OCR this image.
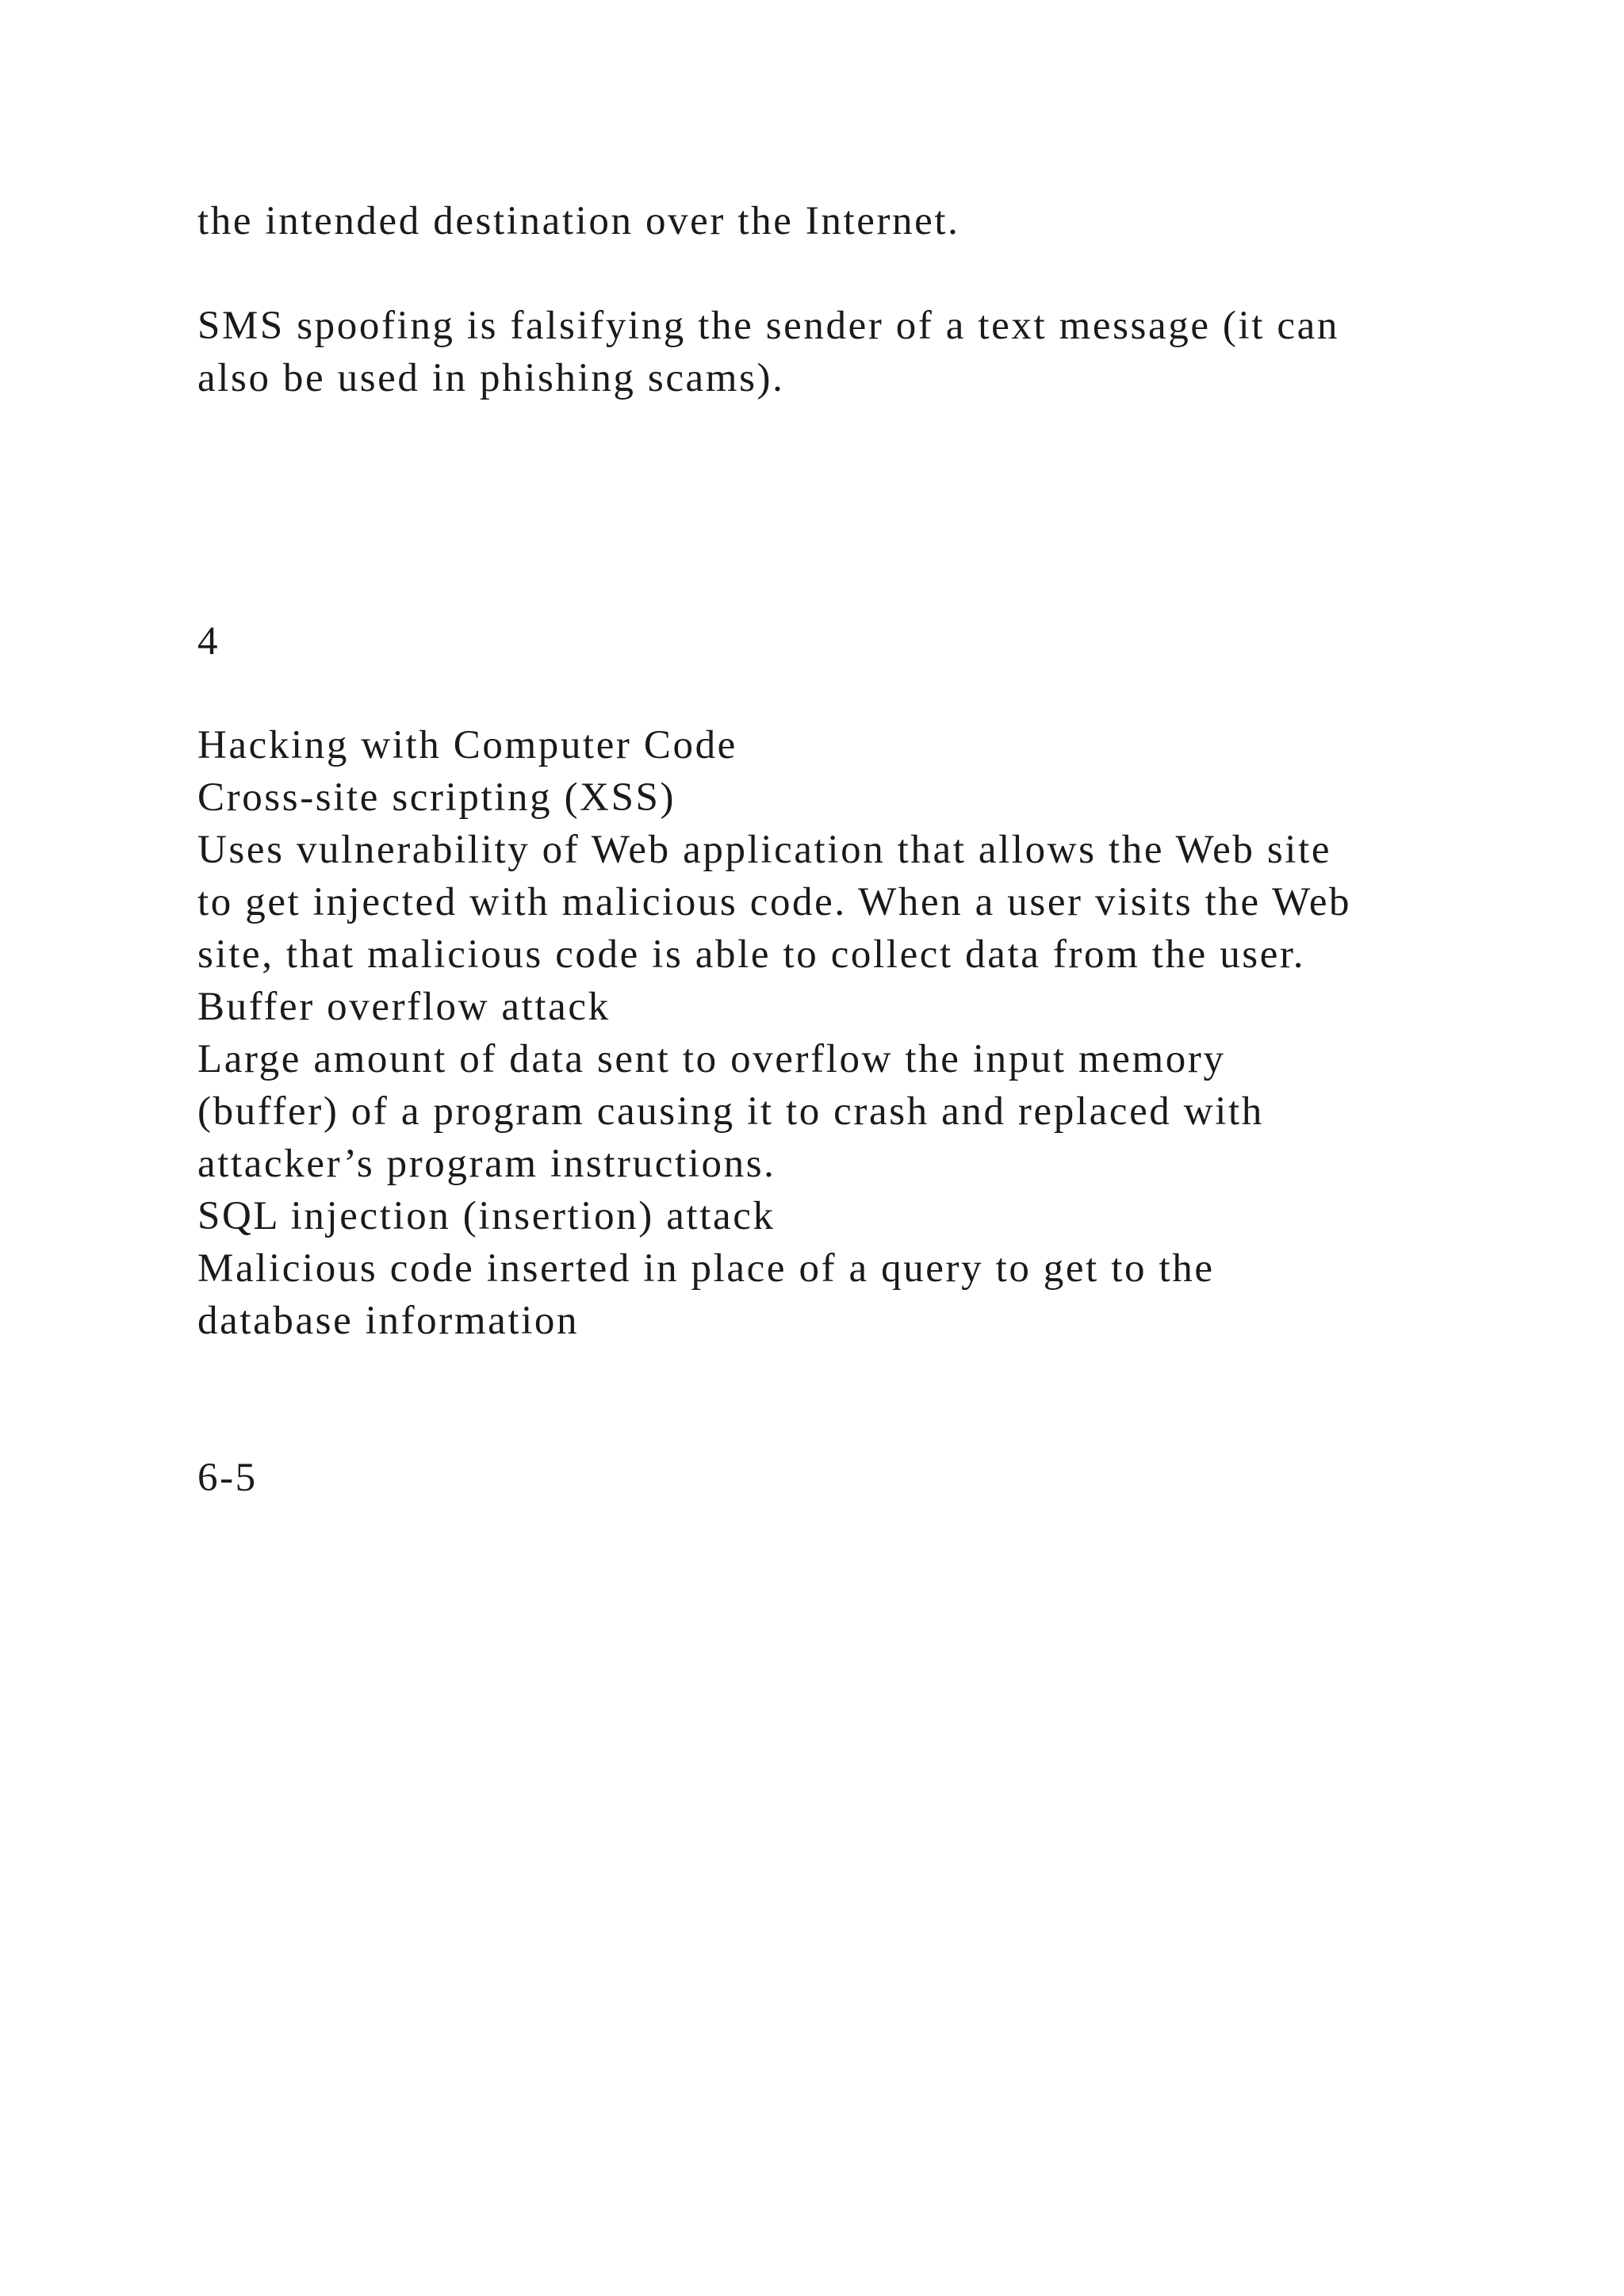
the intended destination over the Internet.
SMS spoofing is falsifying the sender of a text message (it can
also be used in phishing scams).
4
Hacking with Computer Code
Cross-site scripting (XSS)
Uses vulnerability of Web application that allows the Web site
to get injected with malicious code. When a user visits the Web
site, that malicious code is able to collect data from the user.
Buffer overflow attack
Large amount of data sent to overflow the input memory
(buffer) of a program causing it to crash and replaced with
attacker’s program instructions.
SQL injection (insertion) attack
Malicious code inserted in place of a query to get to the
database information
6-5
